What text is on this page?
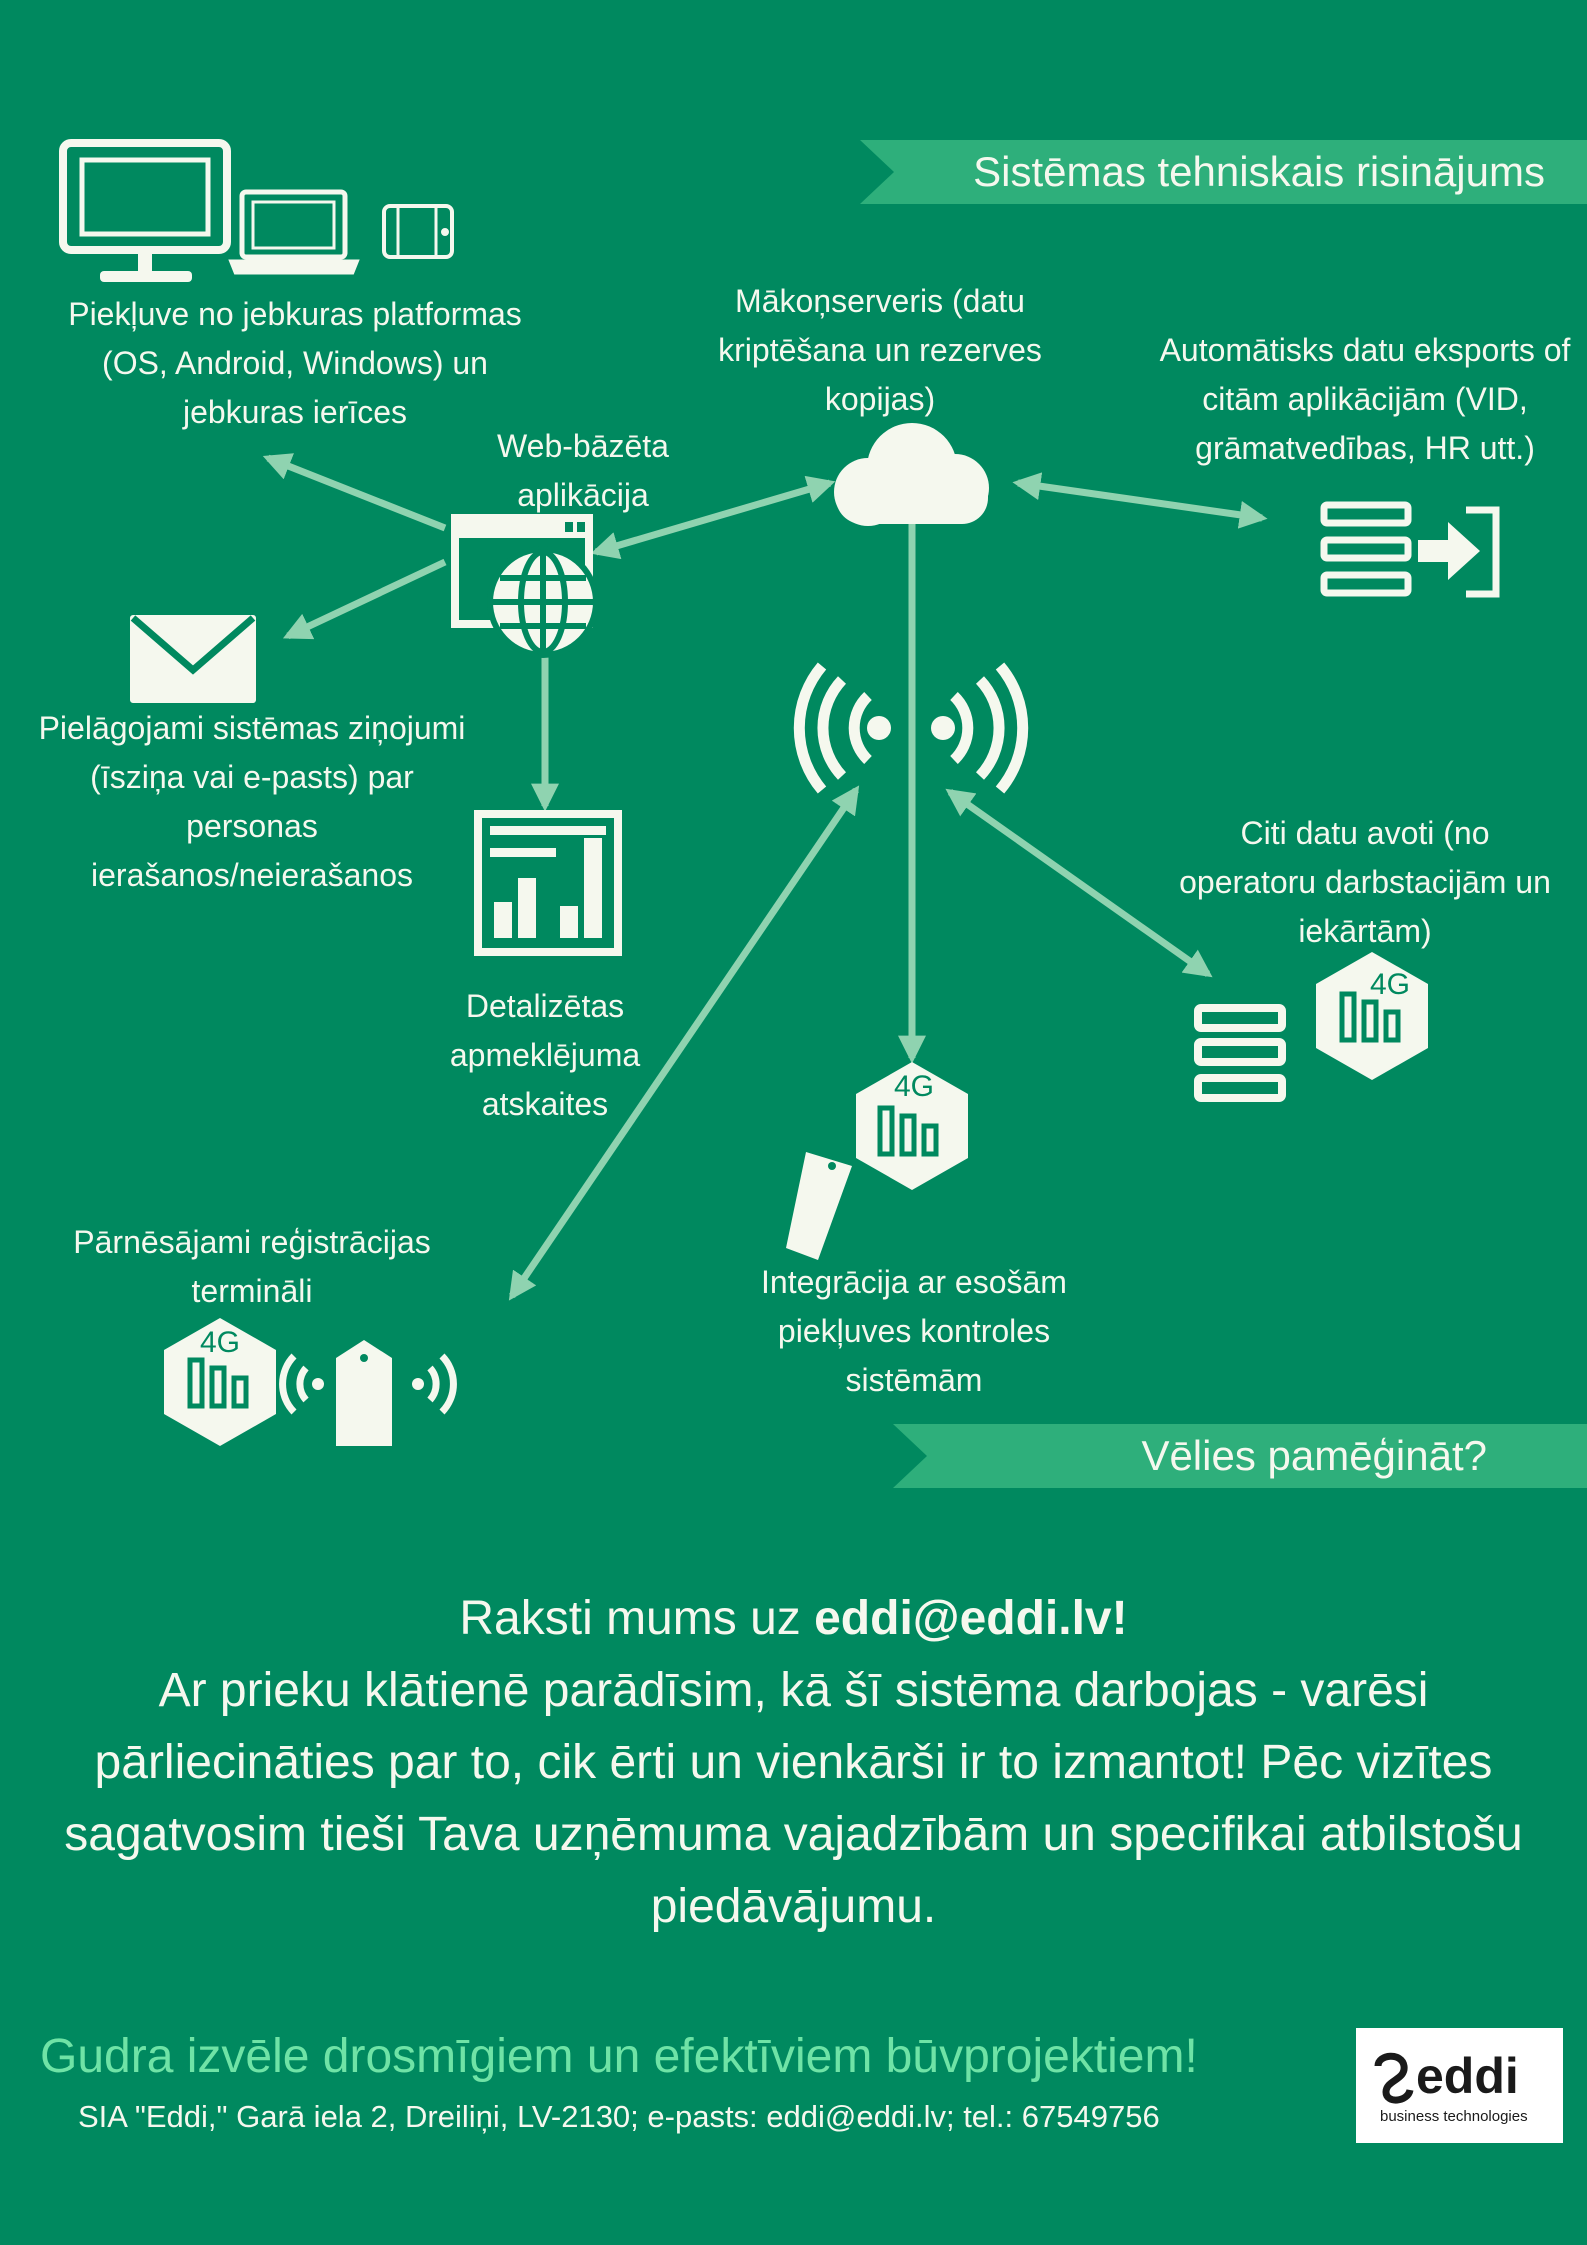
Sistēmas tehniskais risinājums
Vēlies pamēģināt?
4G
4G
4G
Piekļuve no jebkuras platformas (OS, Android, Windows) un jebkuras ierīces
Web-bāzēta aplikācija
Mākoņserveris (datu kriptēšana un rezerves kopijas)
Automātisks datu eksports of citām aplikācijām (VID, grāmatvedības, HR utt.)
Pielāgojami sistēmas ziņojumi (īsziņa vai e-pasts) par personas ierašanos/neierašanos
Detalizētas apmeklējuma atskaites
Citi datu avoti (no operatoru darbstacijām un iekārtām)
Integrācija ar esošām piekļuves kontroles sistēmām
Pārnēsājami reģistrācijas termināli
Raksti mums uz eddi@eddi.lv!
Ar prieku klātienē parādīsim, kā šī sistēma darbojas - varēsi pārliecināties par to, cik ērti un vienkārši ir to izmantot! Pēc vizītes sagatvosim tieši Tava uzņēmuma vajadzībām un specifikai atbilstošu piedāvājumu.
Gudra izvēle drosmīgiem un efektīviem būvprojektiem!
SIA "Eddi," Garā iela 2, Dreiliņi, LV-2130; e-pasts: eddi@eddi.lv; tel.: 67549756
eddi
business technologies
